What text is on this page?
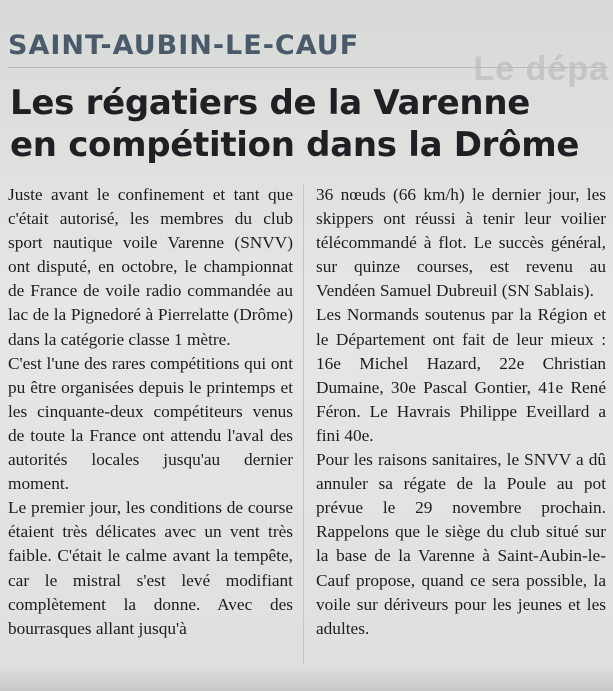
Le dépa
SAINT-AUBIN-LE-CAUF
Les régatiers de la Varenne
en compétition dans la Drôme

Juste avant le confinement et tant que c'était autorisé, les membres du club sport nautique voile Varenne (SNVV) ont disputé, en octobre, le championnat de France de voile radio commandée au lac de la Pignedoré à Pierrelatte (Drôme) dans la catégorie classe 1 mètre.

C'est l'une des rares compétitions qui ont pu être organisées depuis le printemps et les cinquante-deux compétiteurs venus de toute la France ont attendu l'aval des autorités locales jusqu'au dernier moment.

Le premier jour, les conditions de course étaient très délicates avec un vent très faible. C'était le calme avant la tempête, car le mistral s'est levé modifiant complètement la donne. Avec des bourrasques allant jusqu'à

36 nœuds (66 km/h) le dernier jour, les skippers ont réussi à tenir leur voilier télécommandé à flot. Le succès général, sur quinze courses, est revenu au Vendéen Samuel Dubreuil (SN Sablais).

Les Normands soutenus par la Région et le Département ont fait de leur mieux : 16e Michel Hazard, 22e Christian Dumaine, 30e Pascal Gontier, 41e René Féron. Le Havrais Philippe Eveillard a fini 40e.

Pour les raisons sanitaires, le SNVV a dû annuler sa régate de la Poule au pot prévue le 29 novembre prochain. Rappelons que le siège du club situé sur la base de la Varenne à Saint-Aubin-le-Cauf propose, quand ce sera possible, la voile sur dériveurs pour les jeunes et les adultes.
